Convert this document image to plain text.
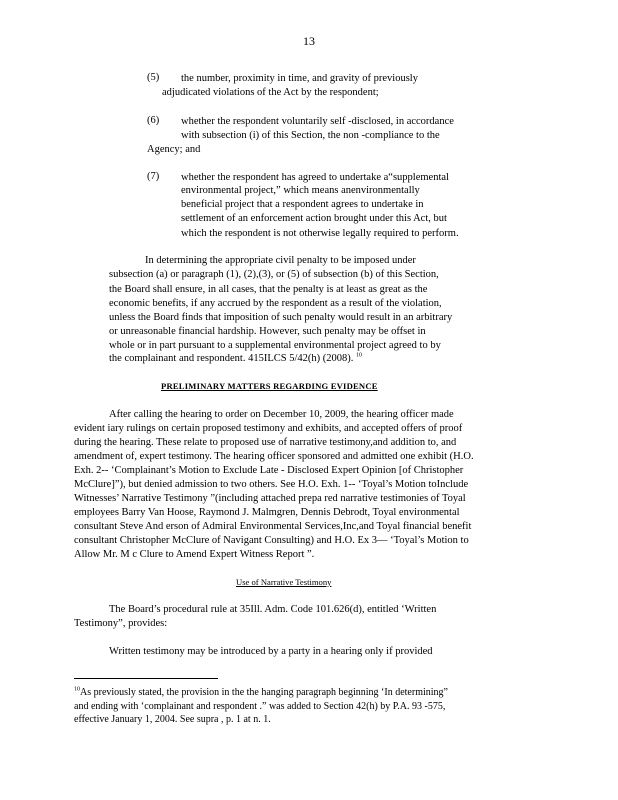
13
(5) the number, proximity in time, and gravity of previously
adjudicated violations of the Act by the respondent;
(6) whether the respondent voluntarily self -disclosed, in accordance
with subsection (i) of this Section, the non -compliance to the
Agency; and
(7) whether the respondent has agreed to undertake a“supplemental
environmental project,” which means anenvironmentally
beneficial project that a respondent agrees to undertake in
settlement of an enforcement action brought under this Act, but
which the respondent is not otherwise legally required to perform.
In determining the appropriate civil penalty to be imposed under
subsection (a) or paragraph (1), (2),(3), or (5) of subsection (b) of this Section,
the Board shall ensure, in all cases, that the penalty is at least as great as the
economic benefits, if any accrued by the respondent as a result of the violation,
unless the Board finds that imposition of such penalty would result in an arbitrary
or unreasonable financial hardship. However, such penalty may be offset in
whole or in part pursuant to a supplemental environmental project agreed to by
the complainant and respondent. 415ILCS 5/42(h) (2008). $^{10}$
PRELIMINARY MATTERS REGARDING EVIDENCE
After calling the hearing to order on December 10, 2009, the hearing officer made
evident iary rulings on certain proposed testimony and exhibits, and accepted offers of proof
during the hearing. These relate to proposed use of narrative testimony,and addition to, and
amendment of, expert testimony. The hearing officer sponsored and admitted one exhibit (H.O.
Exh. 2-- ‘Complainant’s Motion to Exclude Late - Disclosed Expert Opinion [of Christopher
McClure]”), but denied admission to two others. See H.O. Exh. 1-- ‘Toyal’s Motion toInclude
Witnesses’ Narrative Testimony ”(including attached prepa red narrative testimonies of Toyal
employees Barry Van Hoose, Raymond J. Malmgren, Dennis Debrodt, Toyal environmental
consultant Steve And erson of Admiral Environmental Services,Inc,and Toyal financial benefit
consultant Christopher McClure of Navigant Consulting) and H.O. Ex 3— ‘Toyal’s Motion to
Allow Mr. M c Clure to Amend Expert Witness Report ”.
Use of Narrative Testimony
The Board’s procedural rule at 35Ill. Adm. Code 101.626(d), entitled ‘Written
Testimony”, provides:
Written testimony may be introduced by a party in a hearing only if provided
$^{10}$As previously stated, the provision in the the hanging paragraph beginning ‘In determining”
and ending with ‘complainant and respondent .” was added to Section 42(h) by P.A. 93 -575,
effective January 1, 2004. See supra , p. 1 at n. 1.
